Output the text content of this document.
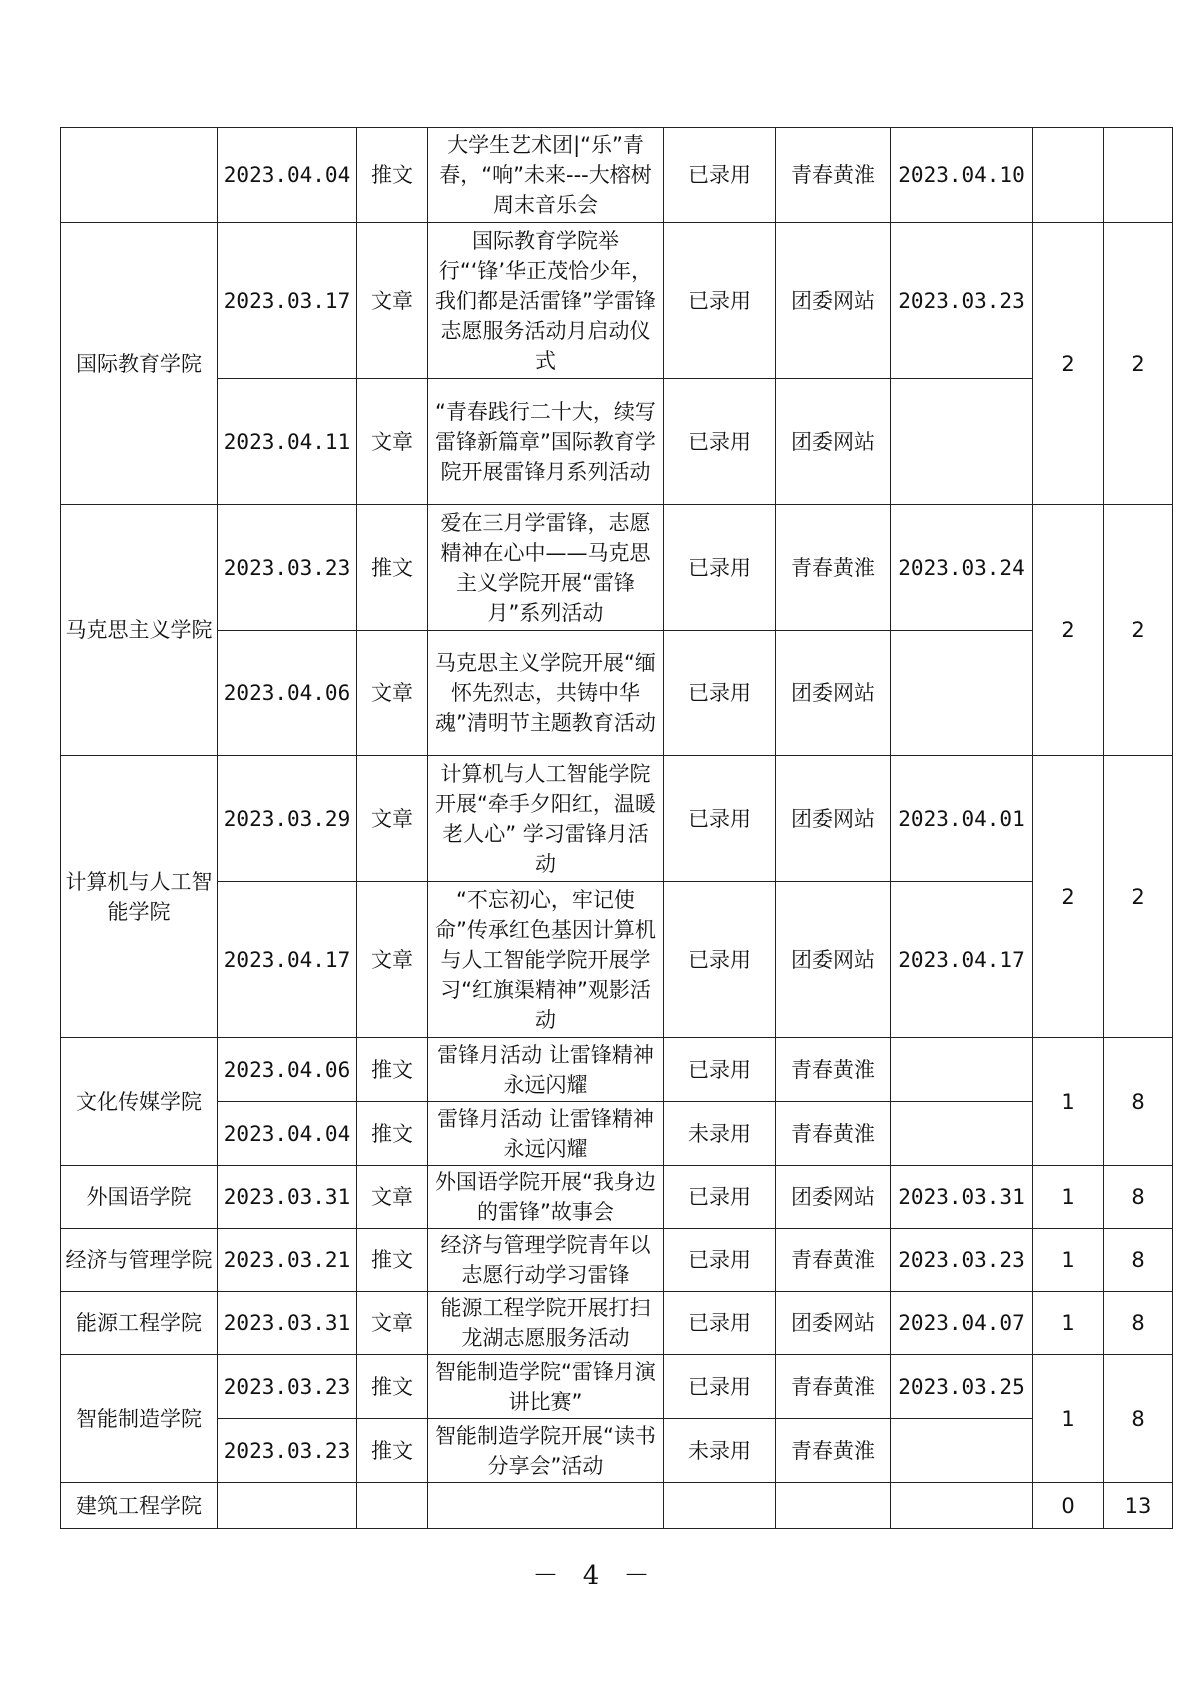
	2023.04.04	推文	大学生艺术团|“乐”青春，“响”未来---大榕树周末音乐会	已录用	青春黄淮	2023.04.10		
国际教育学院	2023.03.17	文章	国际教育学院举行“‘锋’华正茂恰少年，我们都是活雷锋”学雷锋志愿服务活动月启动仪式	已录用	团委网站	2023.03.23	2	2
	2023.04.11	文章	“青春践行二十大，续写雷锋新篇章”国际教育学院开展雷锋月系列活动	已录用	团委网站			
马克思主义学院	2023.03.23	推文	爱在三月学雷锋，志愿精神在心中——马克思主义学院开展“雷锋月”系列活动	已录用	青春黄淮	2023.03.24	2	2
	2023.04.06	文章	马克思主义学院开展“缅怀先烈志，共铸中华魂”清明节主题教育活动	已录用	团委网站			
计算机与人工智能学院	2023.03.29	文章	计算机与人工智能学院开展“牵手夕阳红，温暖老人心” 学习雷锋月活动	已录用	团委网站	2023.04.01	2	2
	2023.04.17	文章	“不忘初心，牢记使命”传承红色基因计算机与人工智能学院开展学习“红旗渠精神”观影活动	已录用	团委网站	2023.04.17		
文化传媒学院	2023.04.06	推文	雷锋月活动 让雷锋精神永远闪耀	已录用	青春黄淮		1	8
	2023.04.04	推文	雷锋月活动 让雷锋精神永远闪耀	未录用	青春黄淮			
外国语学院	2023.03.31	文章	外国语学院开展“我身边的雷锋”故事会	已录用	团委网站	2023.03.31	1	8
经济与管理学院	2023.03.21	推文	经济与管理学院青年以志愿行动学习雷锋	已录用	青春黄淮	2023.03.23	1	8
能源工程学院	2023.03.31	文章	能源工程学院开展打扫龙湖志愿服务活动	已录用	团委网站	2023.04.07	1	8
智能制造学院	2023.03.23	推文	智能制造学院“雷锋月演讲比赛”	已录用	青春黄淮	2023.03.25	1	8
	2023.03.23	推文	智能制造学院开展“读书分享会”活动	未录用	青春黄淮			
建筑工程学院							0	13
－ 4 －
